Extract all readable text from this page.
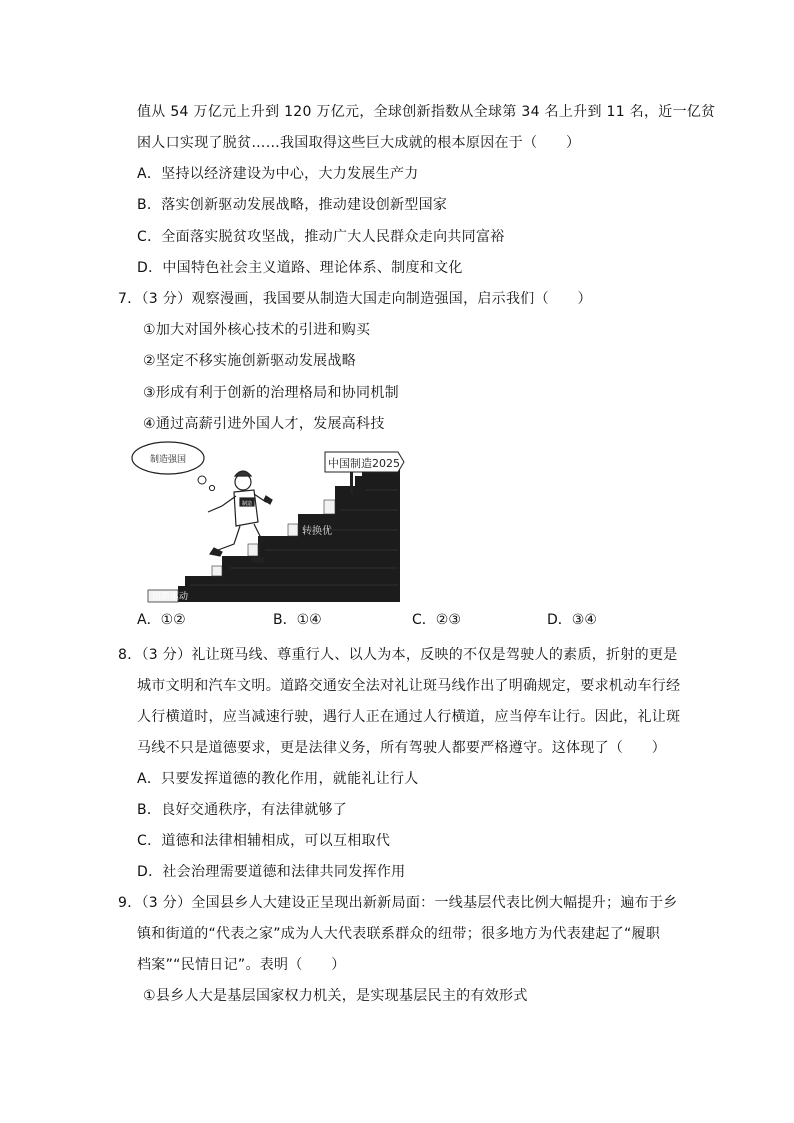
值从 54 万亿元上升到 120 万亿元，全球创新指数从全球第 34 名上升到 11 名，近一亿贫
困人口实现了脱贫……我国取得这些巨大成就的根本原因在于（　　）
A．坚持以经济建设为中心，大力发展生产力
B．落实创新驱动发展战略，推动建设创新型国家
C．全面落实脱贫攻坚战，推动广大人民群众走向共同富裕
D．中国特色社会主义道路、理论体系、制度和文化
7．（3 分）观察漫画，我国要从制造大国走向制造强国，启示我们（　　）
①加大对国外核心技术的引进和购买
②坚定不移实施创新驱动发展战略
③形成有利于创新的治理格局和协同机制
④通过高薪引进外国人才，发展高科技
制造强国
创新驱动
转换优
中国制造2025
制造
A．①②	B．①④	C．②③	D．③④
8．（3 分）礼让斑马线、尊重行人、以人为本，反映的不仅是驾驶人的素质，折射的更是
城市文明和汽车文明。道路交通安全法对礼让斑马线作出了明确规定，要求机动车行经
人行横道时，应当减速行驶，遇行人正在通过人行横道，应当停车让行。因此，礼让斑
马线不只是道德要求，更是法律义务，所有驾驶人都要严格遵守。这体现了（　　）
A．只要发挥道德的教化作用，就能礼让行人
B．良好交通秩序，有法律就够了
C．道德和法律相辅相成，可以互相取代
D．社会治理需要道德和法律共同发挥作用
9．（3 分）全国县乡人大建设正呈现出新新局面：一线基层代表比例大幅提升；遍布于乡
镇和街道的“代表之家”成为人大代表联系群众的纽带；很多地方为代表建起了“履职
档案”“民情日记”。表明（　　）
①县乡人大是基层国家权力机关，是实现基层民主的有效形式
